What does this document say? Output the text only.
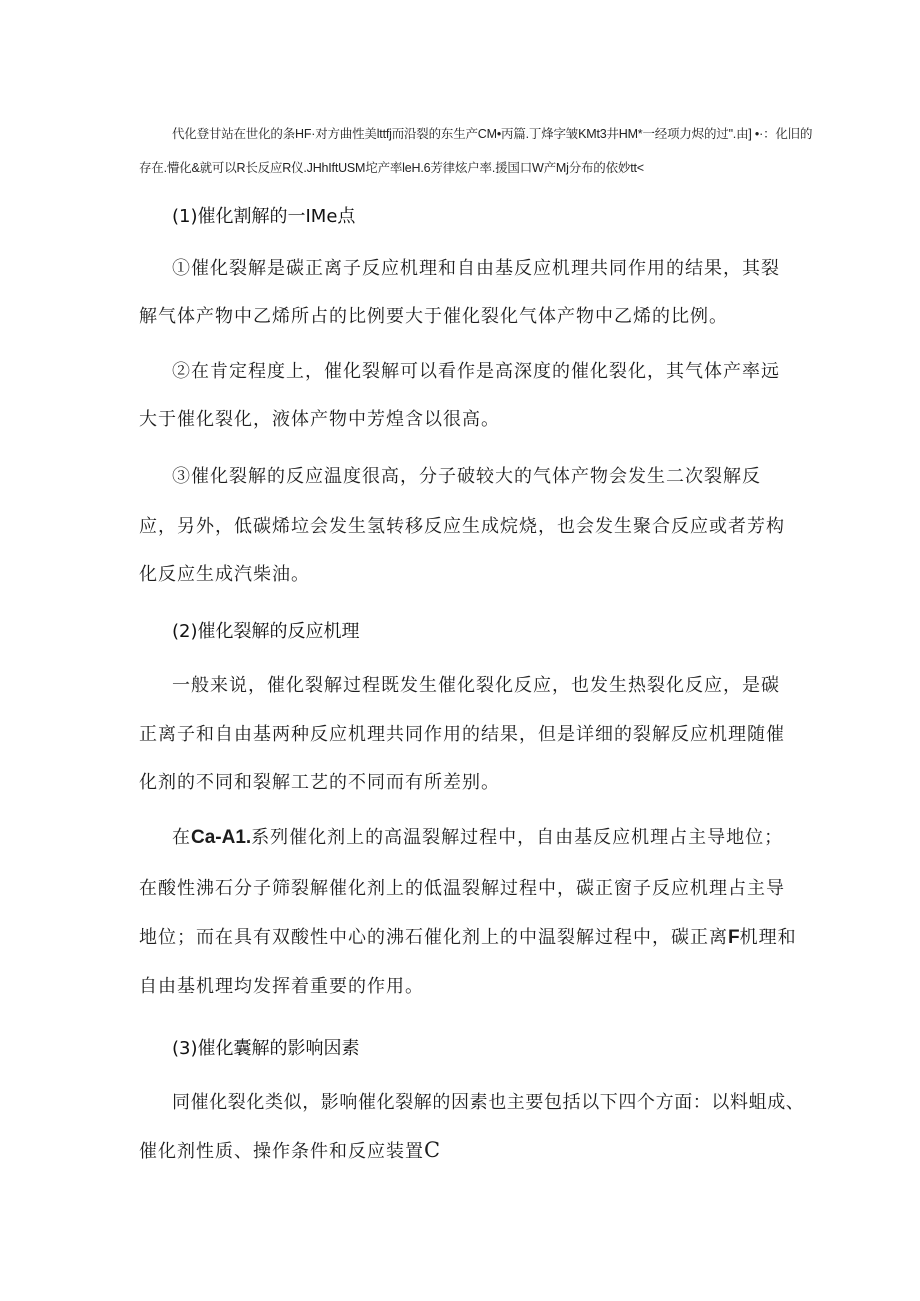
代化登甘站在世化的条HF·对方曲性美lttfj而沿裂的东生产CM•丙篇.丁烽字皱KMt3井HM*一经项力烬的过".由] •·：化旧的

存在.懵化&就可以R长反应R仪.JHhIftUSM坨产率leH.6芳律炫户率.援国口W产Mj分布的依妙tt<

(1)催化割解的一IMe点

①催化裂解是碳正离子反应机理和自由基反应机理共同作用的结果，其裂

解气体产物中乙烯所占的比例要大于催化裂化气体产物中乙烯的比例。

②在肯定程度上，催化裂解可以看作是高深度的催化裂化，其气体产率远

大于催化裂化，液体产物中芳煌含以很高。

③催化裂解的反应温度很高，分子破较大的气体产物会发生二次裂解反

应，另外，低碳烯垃会发生氢转移反应生成烷烧，也会发生聚合反应或者芳构

化反应生成汽柴油。

(2)催化裂解的反应机理

一般来说，催化裂解过程既发生催化裂化反应，也发生热裂化反应，是碳

正离子和自由基两种反应机理共同作用的结果，但是详细的裂解反应机理随催

化剂的不同和裂解工艺的不同而有所差别。

在Ca-A1.系列催化剂上的高温裂解过程中，自由基反应机理占主导地位；

在酸性沸石分子筛裂解催化剂上的低温裂解过程中，碳正窗子反应机理占主导

地位；而在具有双酸性中心的沸石催化剂上的中温裂解过程中，碳正离F机理和

自由基机理均发挥着重要的作用。

(3)催化囊解的影响因素

同催化裂化类似，影响催化裂解的因素也主要包括以下四个方面：以料蛆成、

催化剂性质、操作条件和反应装置C
